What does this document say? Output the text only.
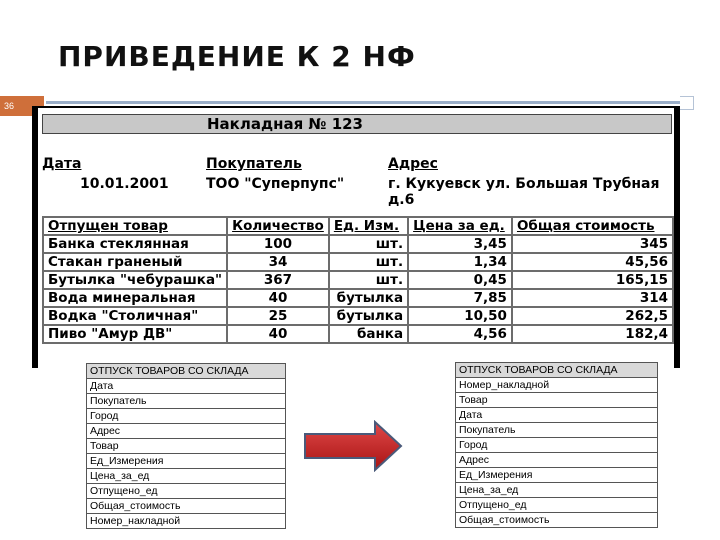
ПРИВЕДЕНИЕ К 2 НФ
36
Накладная № 123
Дата
10.01.2001
Покупатель
ТОО "Суперпупс"
Адрес
г. Кукуевск ул. Большая Трубная д.6
Отпущен товар	Количество	Ед. Изм.	Цена за ед.	Общая стоимость
Банка стеклянная	100	шт.	3,45	345
Стакан граненый	34	шт.	1,34	45,56
Бутылка "чебурашка"	367	шт.	0,45	165,15
Вода минеральная	40	бутылка	7,85	314
Водка "Столичная"	25	бутылка	10,50	262,5
Пиво "Амур ДВ"	40	банка	4,56	182,4
ОТПУСК ТОВАРОВ СО СКЛАДА
Дата
Покупатель
Город
Адрес
Товар
Ед_Измерения
Цена_за_ед
Отпущено_ед
Общая_стоимость
Номер_накладной
ОТПУСК ТОВАРОВ СО СКЛАДА
Номер_накладной
Товар
Дата
Покупатель
Город
Адрес
Ед_Измерения
Цена_за_ед
Отпущено_ед
Общая_стоимость
